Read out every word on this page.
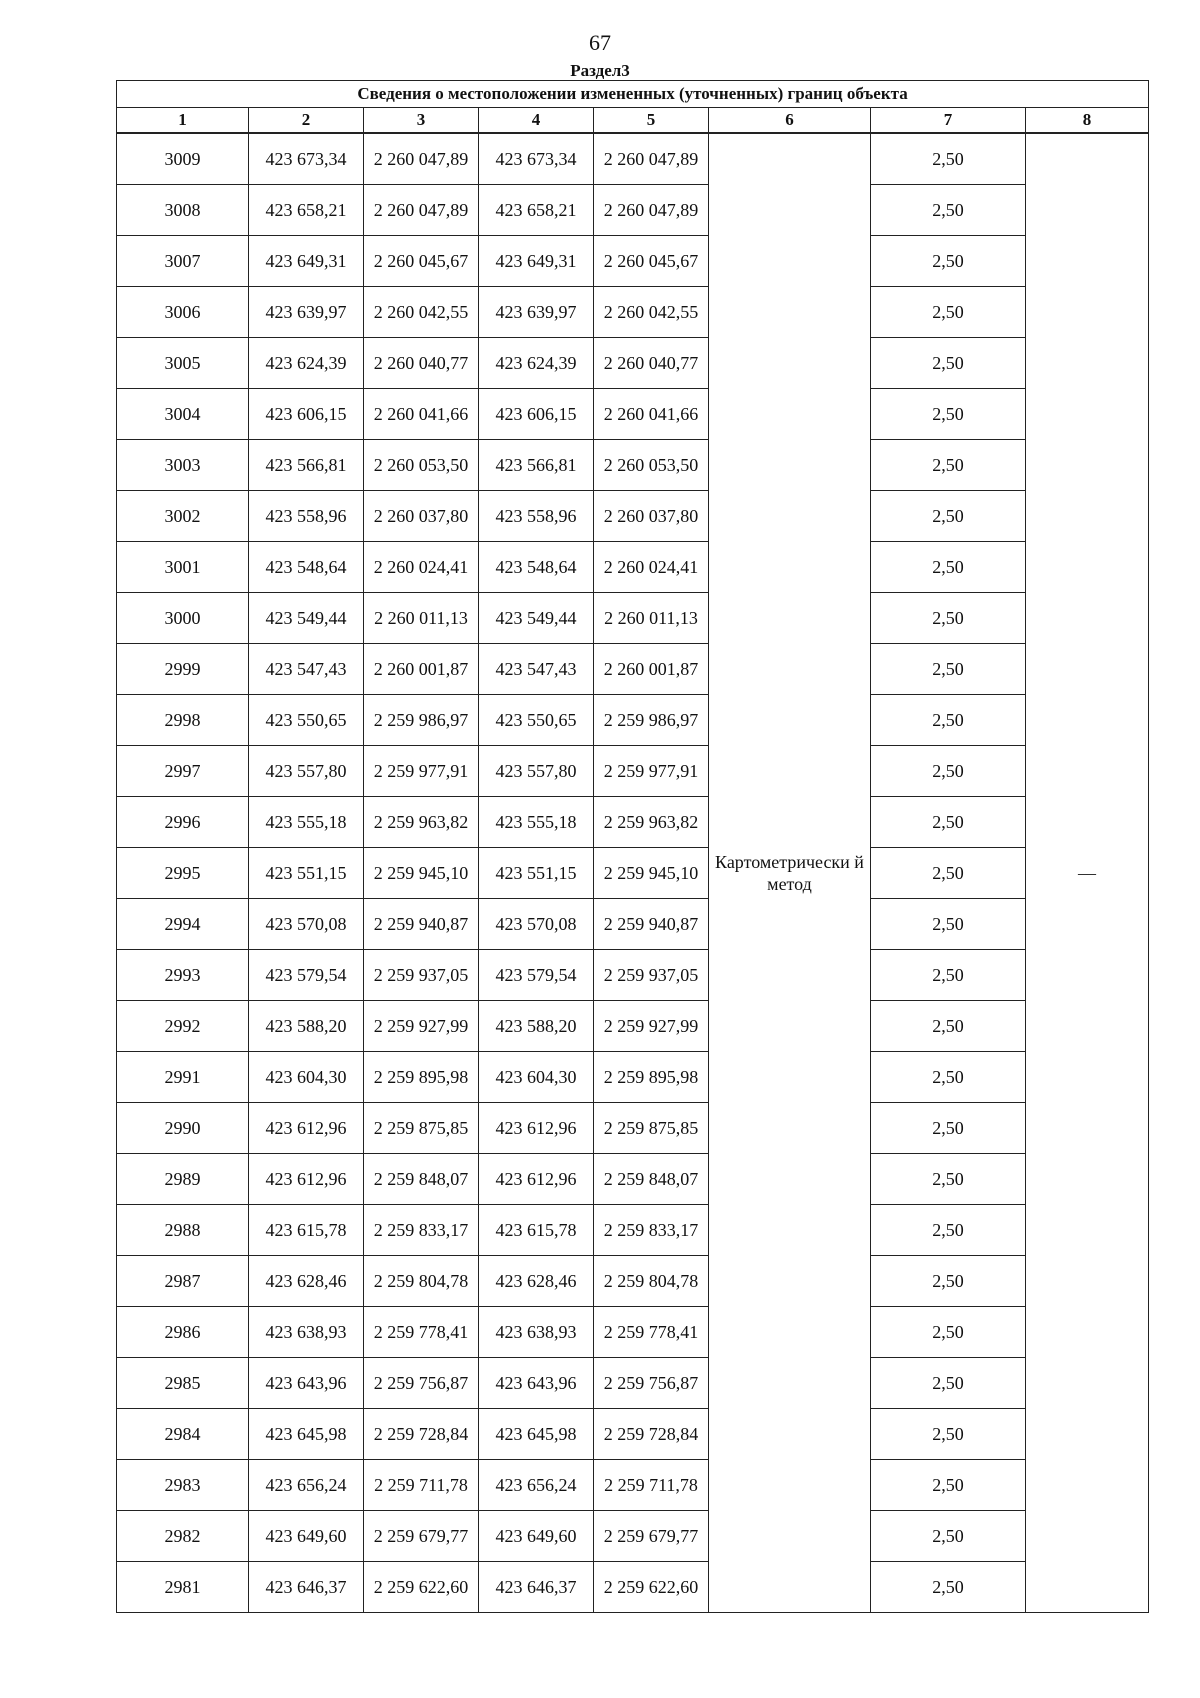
67
Раздел3
Сведения о местоположении измененных (уточненных) границ объекта							
1	2	3	4	5	6	7	8
3009	423 673,34	2 260 047,89	423 673,34	2 260 047,89	Картометрически й метод	2,50	—
3008	423 658,21	2 260 047,89	423 658,21	2 260 047,89		2,50	
3007	423 649,31	2 260 045,67	423 649,31	2 260 045,67		2,50	
3006	423 639,97	2 260 042,55	423 639,97	2 260 042,55		2,50	
3005	423 624,39	2 260 040,77	423 624,39	2 260 040,77		2,50	
3004	423 606,15	2 260 041,66	423 606,15	2 260 041,66		2,50	
3003	423 566,81	2 260 053,50	423 566,81	2 260 053,50		2,50	
3002	423 558,96	2 260 037,80	423 558,96	2 260 037,80		2,50	
3001	423 548,64	2 260 024,41	423 548,64	2 260 024,41		2,50	
3000	423 549,44	2 260 011,13	423 549,44	2 260 011,13		2,50	
2999	423 547,43	2 260 001,87	423 547,43	2 260 001,87		2,50	
2998	423 550,65	2 259 986,97	423 550,65	2 259 986,97		2,50	
2997	423 557,80	2 259 977,91	423 557,80	2 259 977,91		2,50	
2996	423 555,18	2 259 963,82	423 555,18	2 259 963,82		2,50	
2995	423 551,15	2 259 945,10	423 551,15	2 259 945,10		2,50	
2994	423 570,08	2 259 940,87	423 570,08	2 259 940,87		2,50	
2993	423 579,54	2 259 937,05	423 579,54	2 259 937,05		2,50	
2992	423 588,20	2 259 927,99	423 588,20	2 259 927,99		2,50	
2991	423 604,30	2 259 895,98	423 604,30	2 259 895,98		2,50	
2990	423 612,96	2 259 875,85	423 612,96	2 259 875,85		2,50	
2989	423 612,96	2 259 848,07	423 612,96	2 259 848,07		2,50	
2988	423 615,78	2 259 833,17	423 615,78	2 259 833,17		2,50	
2987	423 628,46	2 259 804,78	423 628,46	2 259 804,78		2,50	
2986	423 638,93	2 259 778,41	423 638,93	2 259 778,41		2,50	
2985	423 643,96	2 259 756,87	423 643,96	2 259 756,87		2,50	
2984	423 645,98	2 259 728,84	423 645,98	2 259 728,84		2,50	
2983	423 656,24	2 259 711,78	423 656,24	2 259 711,78		2,50	
2982	423 649,60	2 259 679,77	423 649,60	2 259 679,77		2,50	
2981	423 646,37	2 259 622,60	423 646,37	2 259 622,60		2,50	
